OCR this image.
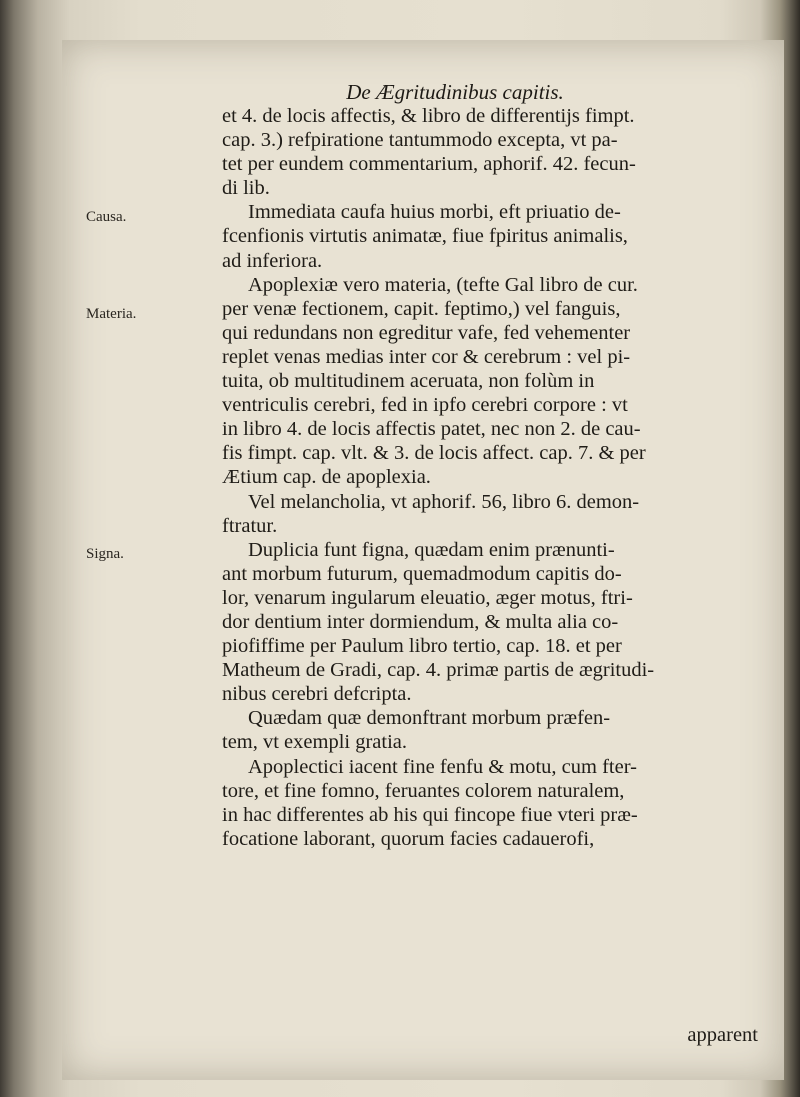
De Ægritudinibus capitis.
Causa.
Materia.
Signa.
et 4. de locis affectis, & libro de differentijs fimpt.
cap. 3.) refpiratione tantummodo excepta, vt pa-
tet per eundem commentarium, aphorif. 42. fecun-
di lib.
Immediata caufa huius morbi, eft priuatio de-
fcenfionis virtutis animatæ, fiue fpiritus animalis,
ad inferiora.
Apoplexiæ vero materia, (tefte Gal libro de cur.
per venæ fectionem, capit. feptimo,) vel fanguis,
qui redundans non egreditur vafe, fed vehementer
replet venas medias inter cor & cerebrum : vel pi-
tuita, ob multitudinem aceruata, non folùm in
ventriculis cerebri, fed in ipfo cerebri corpore : vt
in libro 4. de locis affectis patet, nec non 2. de cau-
fis fimpt. cap. vlt. & 3. de locis affect. cap. 7. & per
Ætium cap. de apoplexia.
Vel melancholia, vt aphorif. 56, libro 6. demon-
ftratur.
Duplicia funt figna, quædam enim prænunti-
ant morbum futurum, quemadmodum capitis do-
lor, venarum ingularum eleuatio, æger motus, ftri-
dor dentium inter dormiendum, & multa alia co-
piofiffime per Paulum libro tertio, cap. 18. et per
Matheum de Gradi, cap. 4. primæ partis de ægritudi-
nibus cerebri defcripta.
Quædam quæ demonftrant morbum præfen-
tem, vt exempli gratia.
Apoplectici iacent fine fenfu & motu, cum fter-
tore, et fine fomno, feruantes colorem naturalem,
in hac differentes ab his qui fincope fiue vteri præ-
focatione laborant, quorum facies cadauerofi,
apparent
